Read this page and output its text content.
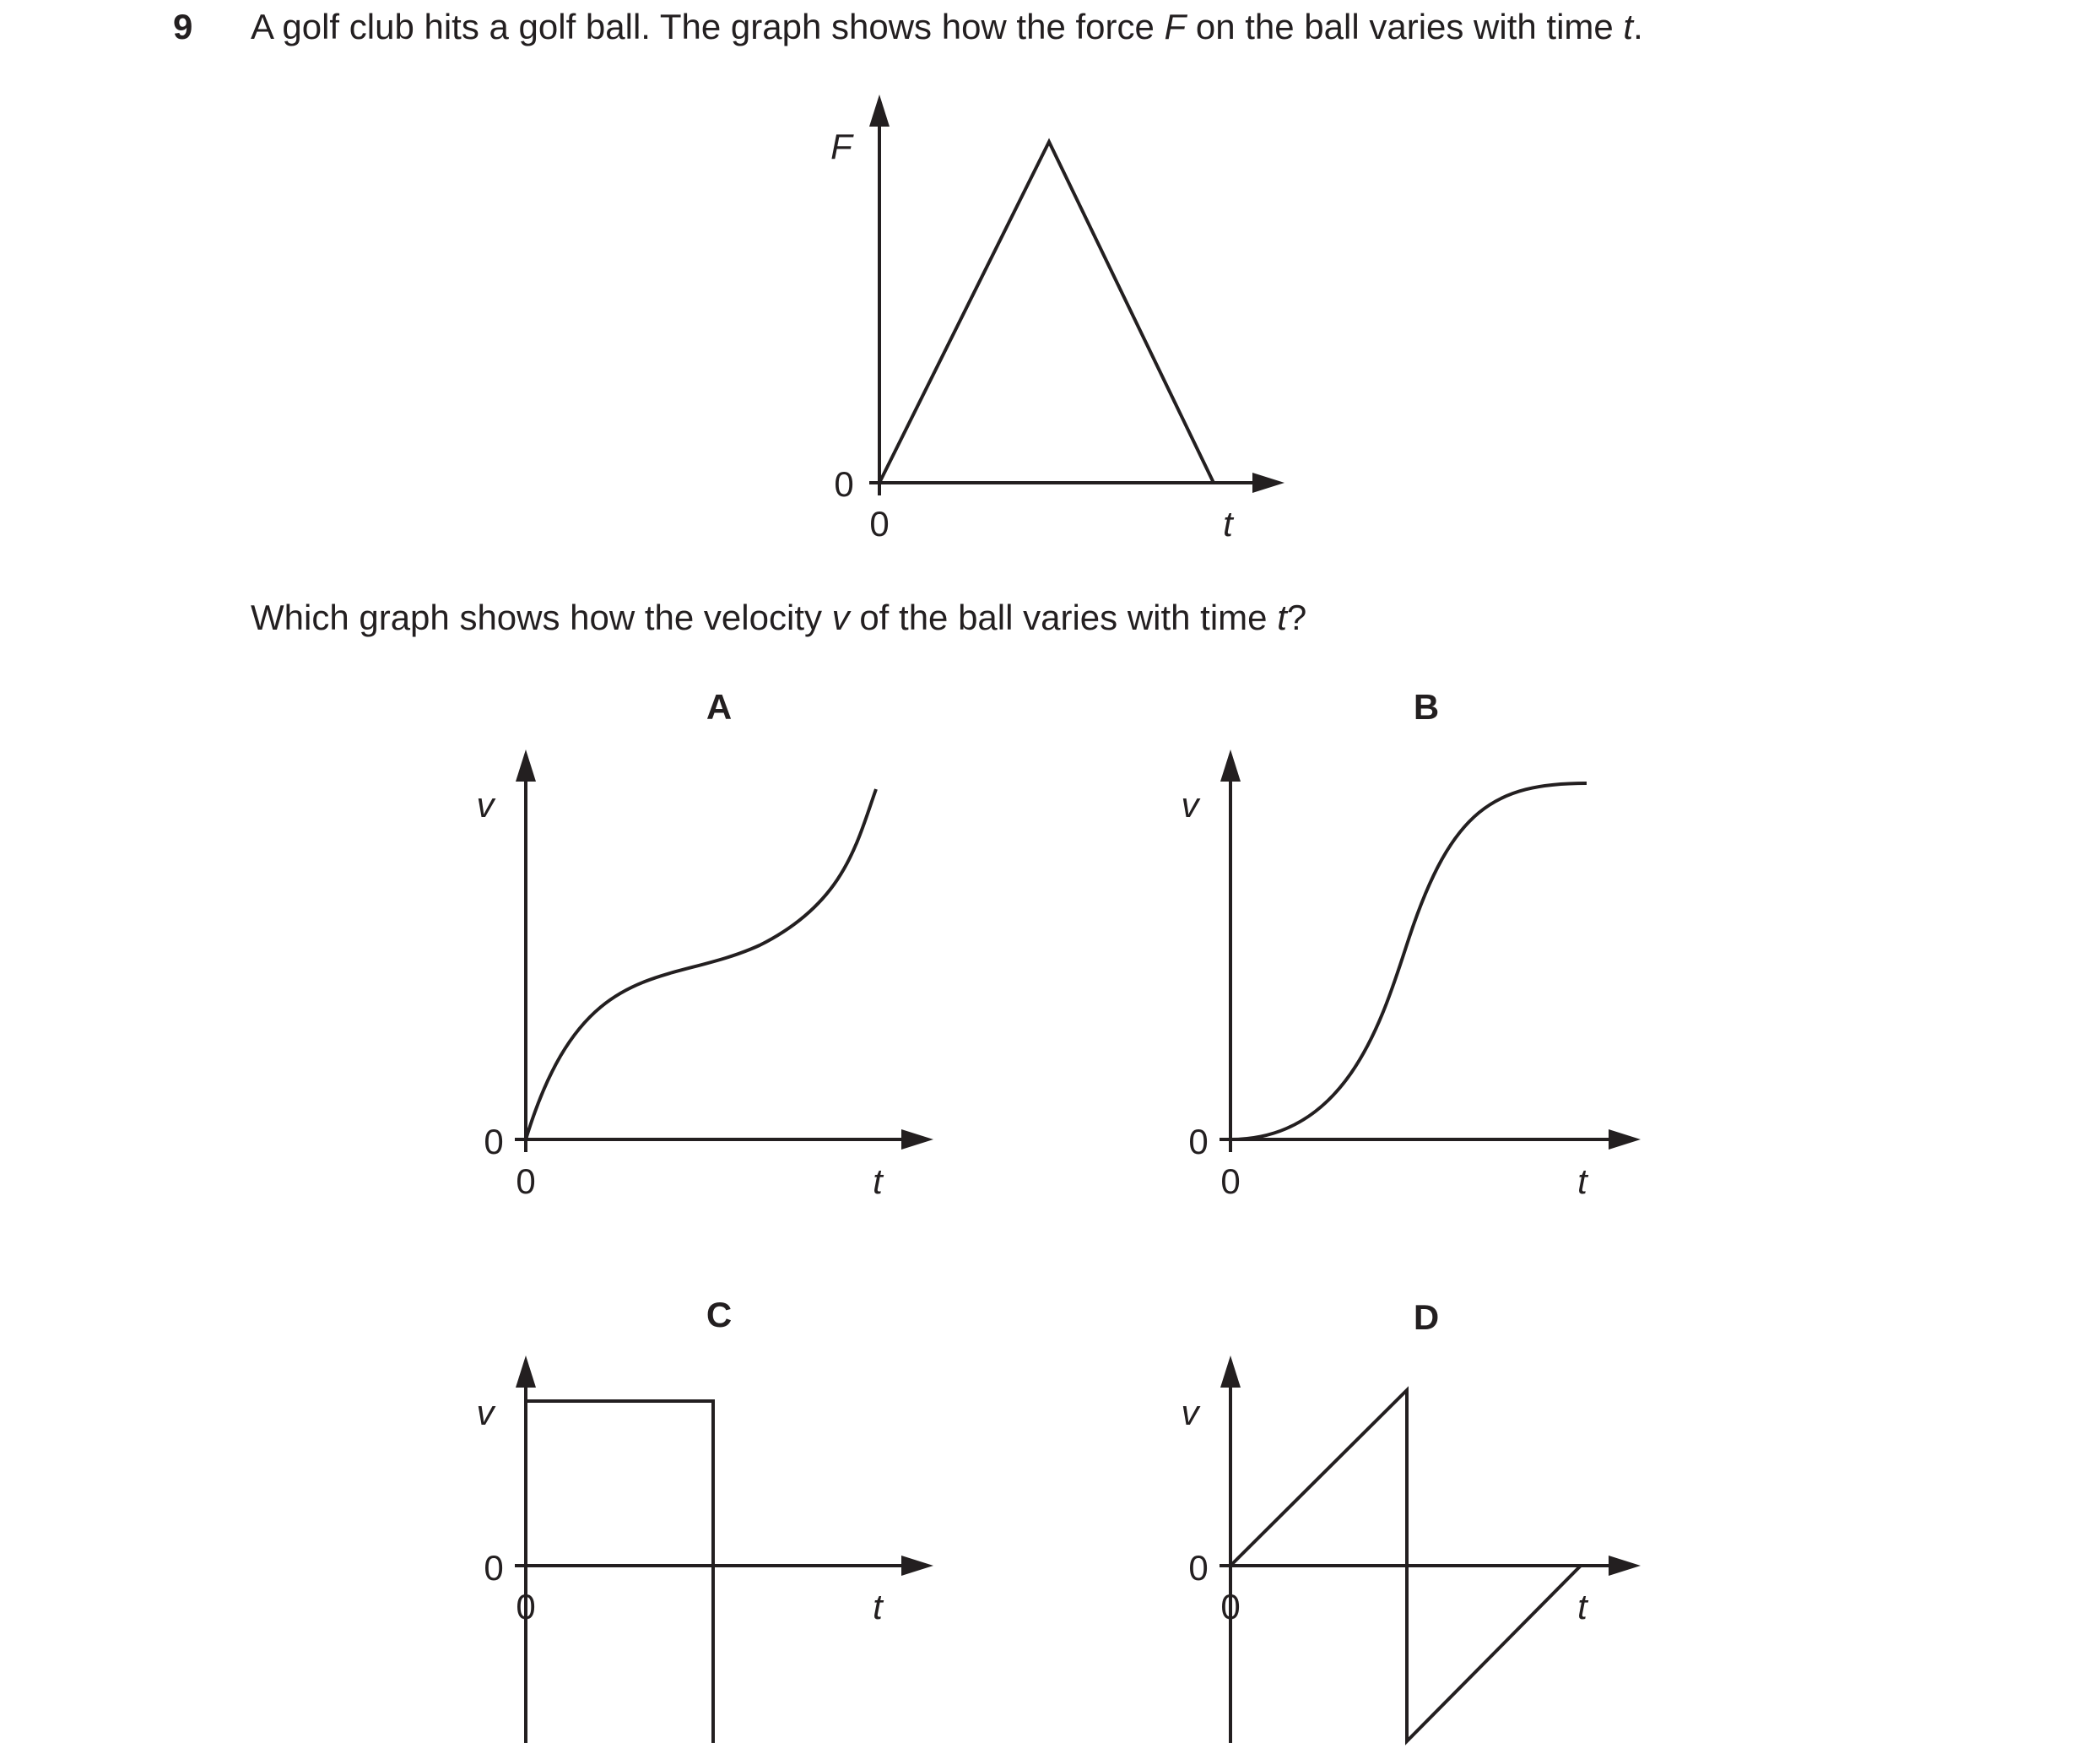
9 A golf club hits a golf ball. The graph shows how the force F on the ball varies with time t.
Which graph shows how the velocity v of the ball varies with time t?
F
0
0	t
A
v
0
0	t
B
v
0
0	t
C
v
0
0	t
D
v
0
0	t
